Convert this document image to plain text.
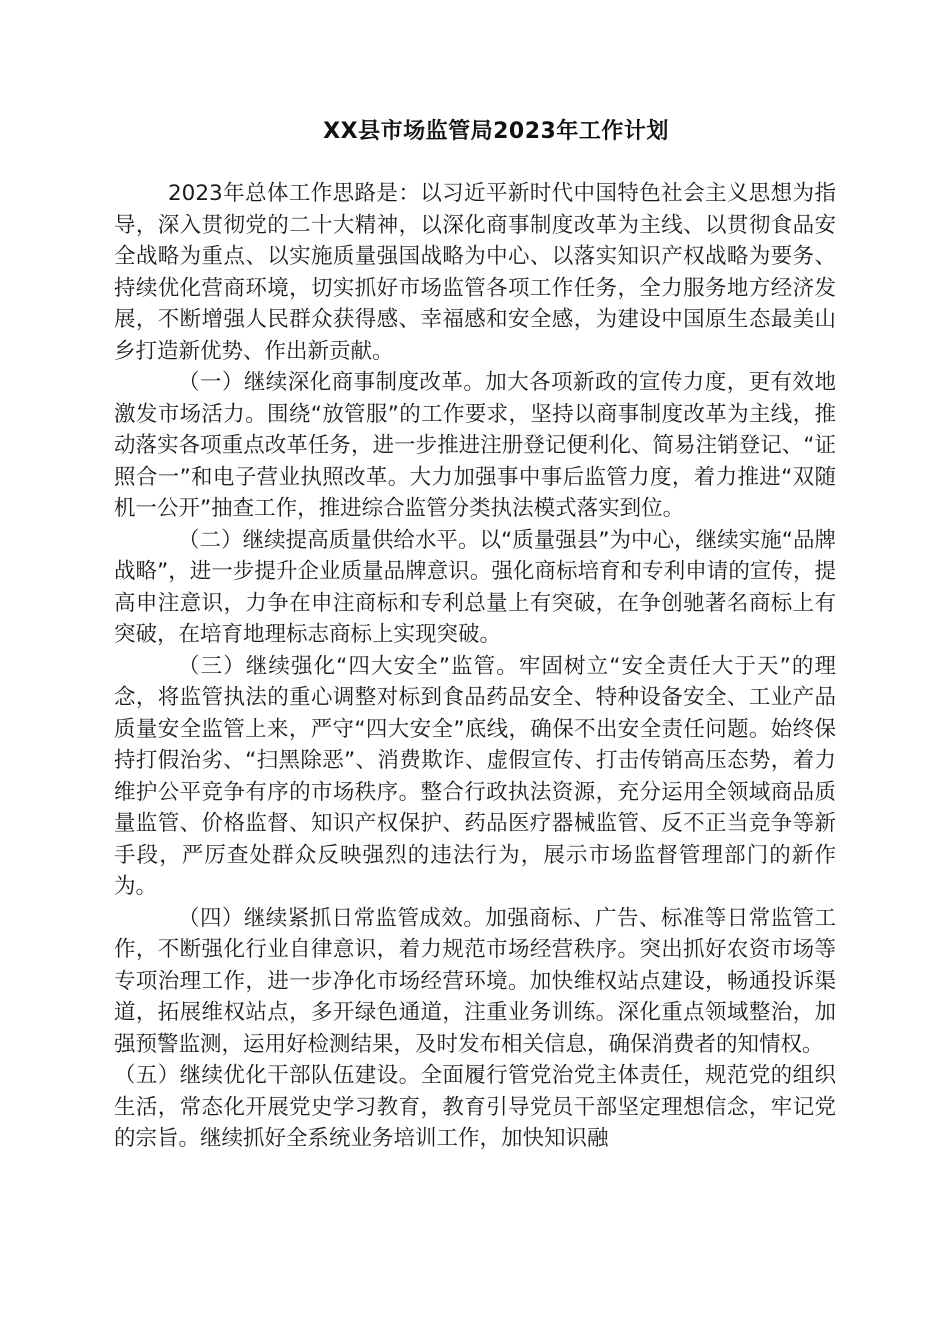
XX县市场监管局2023年工作计划

2023年总体工作思路是：以习近平新时代中国特色社会主义思想为指导，深入贯彻党的二十大精神，以深化商事制度改革为主线、以贯彻食品安全战略为重点、以实施质量强国战略为中心、以落实知识产权战略为要务、持续优化营商环境，切实抓好市场监管各项工作任务，全力服务地方经济发展，不断增强人民群众获得感、幸福感和安全感，为建设中国原生态最美山乡打造新优势、作出新贡献。

（一）继续深化商事制度改革。加大各项新政的宣传力度，更有效地激发市场活力。围绕“放管服”的工作要求，坚持以商事制度改革为主线，推动落实各项重点改革任务，进一步推进注册登记便利化、简易注销登记、“证照合一”和电子营业执照改革。大力加强事中事后监管力度，着力推进“双随机一公开”抽查工作，推进综合监管分类执法模式落实到位。

（二）继续提高质量供给水平。以“质量强县”为中心，继续实施“品牌战略”，进一步提升企业质量品牌意识。强化商标培育和专利申请的宣传，提高申注意识，力争在申注商标和专利总量上有突破，在争创驰著名商标上有突破，在培育地理标志商标上实现突破。

（三）继续强化“四大安全”监管。牢固树立“安全责任大于天”的理念，将监管执法的重心调整对标到食品药品安全、特种设备安全、工业产品质量安全监管上来，严守“四大安全”底线，确保不出安全责任问题。始终保持打假治劣、“扫黑除恶”、消费欺诈、虚假宣传、打击传销高压态势，着力维护公平竞争有序的市场秩序。整合行政执法资源，充分运用全领域商品质量监管、价格监督、知识产权保护、药品医疗器械监管、反不正当竞争等新手段，严厉查处群众反映强烈的违法行为，展示市场监督管理部门的新作为。

（四）继续紧抓日常监管成效。加强商标、广告、标准等日常监管工作，不断强化行业自律意识，着力规范市场经营秩序。突出抓好农资市场等专项治理工作，进一步净化市场经营环境。加快维权站点建设，畅通投诉渠道，拓展维权站点，多开绿色通道，注重业务训练。深化重点领域整治，加强预警监测，运用好检测结果，及时发布相关信息，确保消费者的知情权。

（五）继续优化干部队伍建设。全面履行管党治党主体责任，规范党的组织生活，常态化开展党史学习教育，教育引导党员干部坚定理想信念，牢记党的宗旨。继续抓好全系统业务培训工作，加快知识融
